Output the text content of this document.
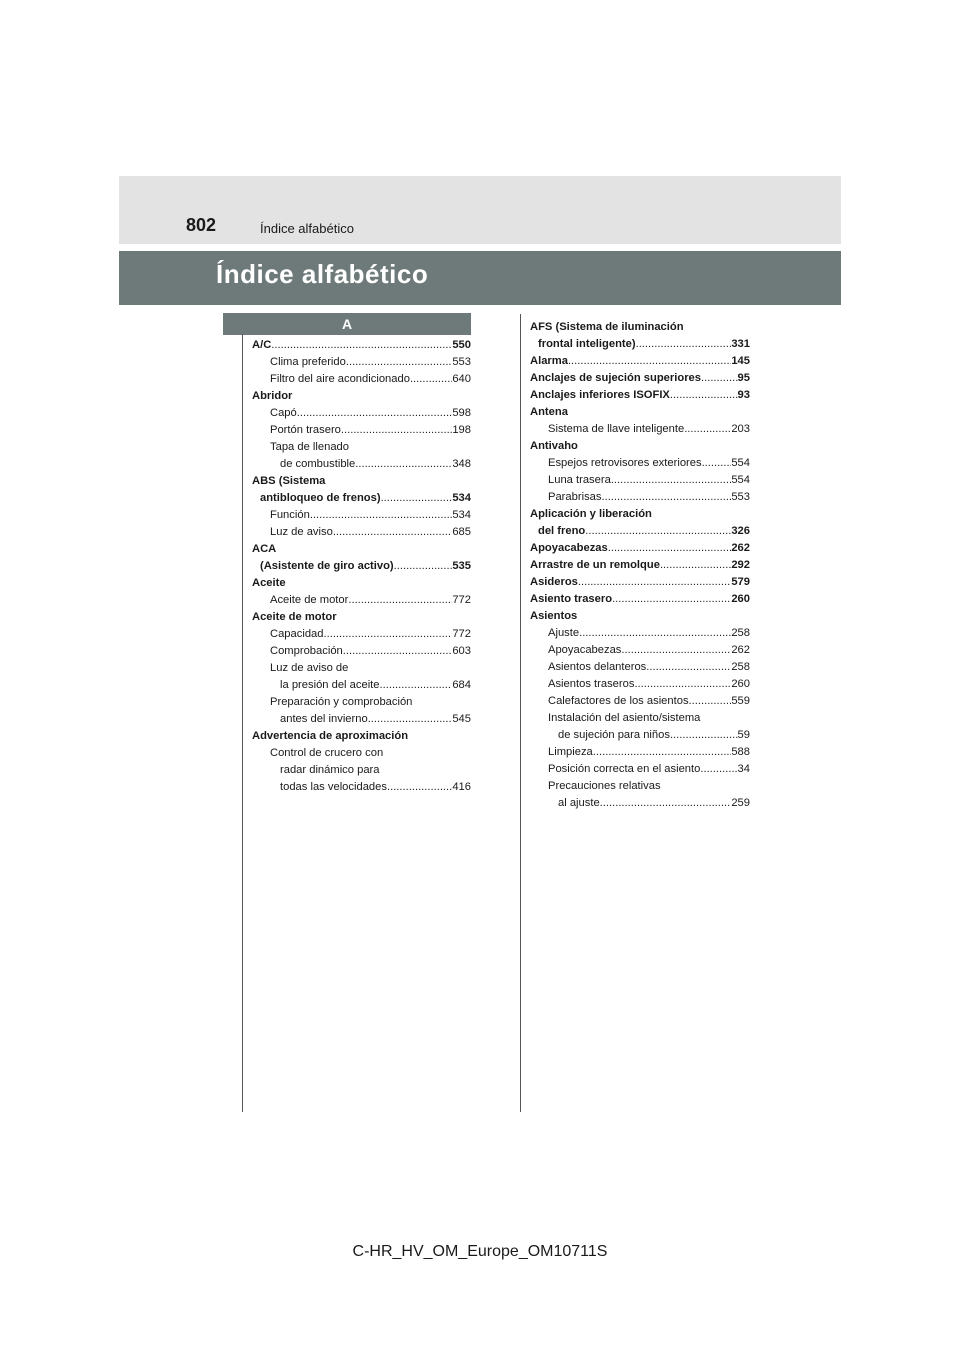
802	Índice alfabético
Índice alfabético
A
A/C .....	550
Clima preferido .....	553
Filtro del aire acondicionado .....	640
Abridor
Capó .....	598
Portón trasero .....	198
Tapa de llenado
de combustible .....	348
ABS (Sistema
antibloqueo de frenos) .....	534
Función .....	534
Luz de aviso .....	685
ACA
(Asistente de giro activo) .....	535
Aceite
Aceite de motor .....	772
Aceite de motor
Capacidad .....	772
Comprobación .....	603
Luz de aviso de
la presión del aceite .....	684
Preparación y comprobación
antes del invierno .....	545
Advertencia de aproximación
Control de crucero con
radar dinámico para
todas las velocidades .....	416
AFS (Sistema de iluminación
frontal inteligente) .....	331
Alarma .....	145
Anclajes de sujeción superiores .....	95
Anclajes inferiores ISOFIX .....	93
Antena
Sistema de llave inteligente .....	203
Antivaho
Espejos retrovisores exteriores .....	554
Luna trasera .....	554
Parabrisas .....	553
Aplicación y liberación
del freno .....	326
Apoyacabezas .....	262
Arrastre de un remolque .....	292
Asideros .....	579
Asiento trasero .....	260
Asientos
Ajuste .....	258
Apoyacabezas .....	262
Asientos delanteros .....	258
Asientos traseros .....	260
Calefactores de los asientos .....	559
Instalación del asiento/sistema
de sujeción para niños .....	59
Limpieza .....	588
Posición correcta en el asiento .....	34
Precauciones relativas
al ajuste .....	259
C-HR_HV_OM_Europe_OM10711S
